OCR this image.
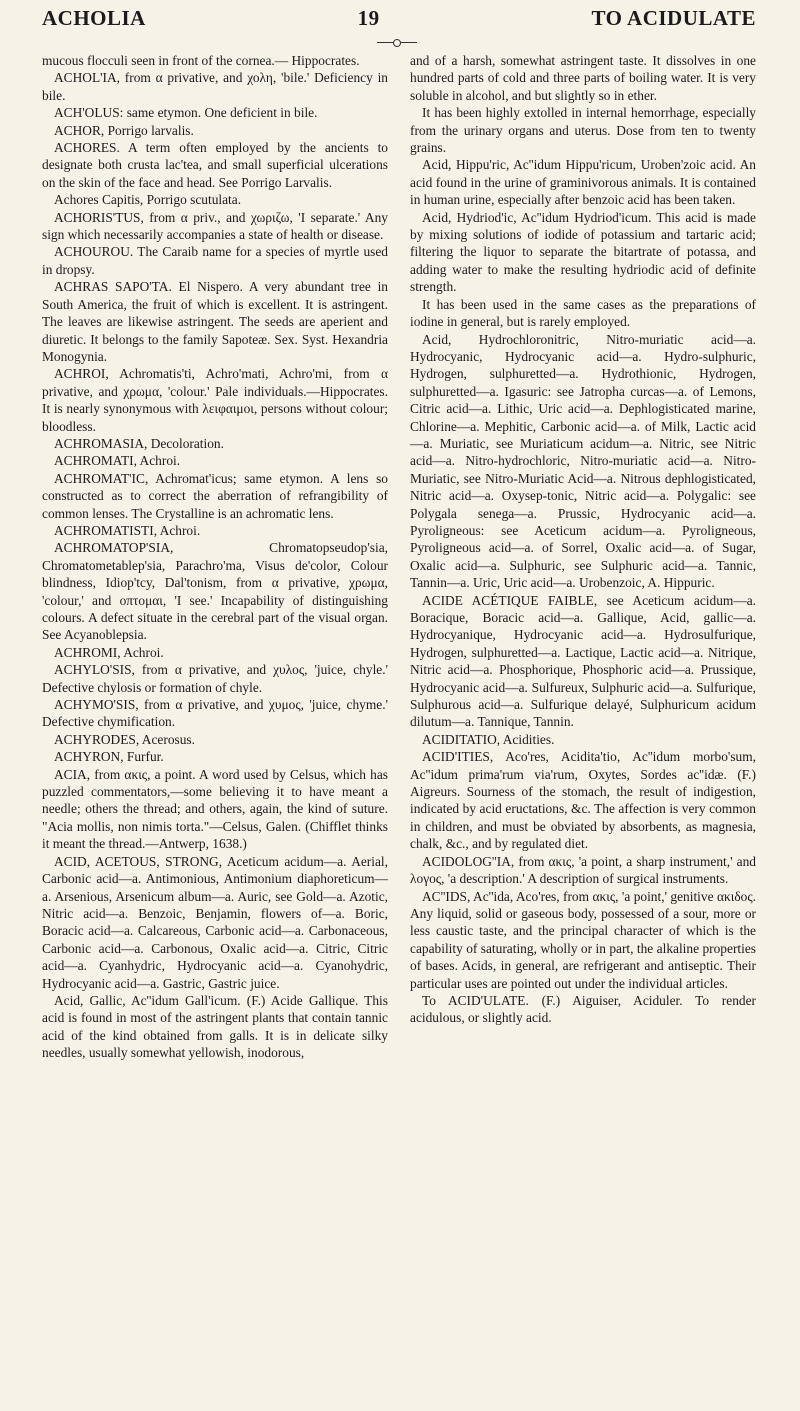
ACHOLIA	19	TO ACIDULATE

mucous flocculi seen in front of the cornea.— Hippocrates.

ACHOL'IA, from α privative, and χολη, 'bile.' Deficiency in bile.

ACH'OLUS: same etymon. One deficient in bile.

ACHOR, Porrigo larvalis.

ACHORES. A term often employed by the ancients to designate both crusta lac'tea, and small superficial ulcerations on the skin of the face and head. See Porrigo Larvalis.

Achores Capitis, Porrigo scutulata.

ACHORIS'TUS, from α priv., and χωριζω, 'I separate.' Any sign which necessarily accompanies a state of health or disease.

ACHOUROU. The Caraib name for a species of myrtle used in dropsy.

ACHRAS SAPO'TA. El Nispero. A very abundant tree in South America, the fruit of which is excellent. It is astringent. The leaves are likewise astringent. The seeds are aperient and diuretic. It belongs to the family Sapoteæ. Sex. Syst. Hexandria Monogynia.

ACHROI, Achromatis'ti, Achro'mati, Achro'mi, from α privative, and χρωμα, 'colour.' Pale individuals.—Hippocrates. It is nearly synonymous with λειφαιμοι, persons without colour; bloodless.

ACHROMASIA, Decoloration.

ACHROMATI, Achroi.

ACHROMAT'IC, Achromat'icus; same etymon. A lens so constructed as to correct the aberration of refrangibility of common lenses. The Crystalline is an achromatic lens.

ACHROMATISTI, Achroi.

ACHROMATOP'SIA, Chromatopseudop'sia, Chromatometablep'sia, Parachro'ma, Visus de'color, Colour blindness, Idiop'tcy, Dal'tonism, from α privative, χρωμα, 'colour,' and οπτομαι, 'I see.' Incapability of distinguishing colours. A defect situate in the cerebral part of the visual organ. See Acyanoblepsia.

ACHROMI, Achroi.

ACHYLO'SIS, from α privative, and χυλος, 'juice, chyle.' Defective chylosis or formation of chyle.

ACHYMO'SIS, from α privative, and χυμος, 'juice, chyme.' Defective chymification.

ACHYRODES, Acerosus.

ACHYRON, Furfur.

ACIA, from ακις, a point. A word used by Celsus, which has puzzled commentators,—some believing it to have meant a needle; others the thread; and others, again, the kind of suture. "Acia mollis, non nimis torta."—Celsus, Galen. (Chifflet thinks it meant the thread.—Antwerp, 1638.)

ACID, ACETOUS, STRONG, Aceticum acidum—a. Aerial, Carbonic acid—a. Antimonious, Antimonium diaphoreticum—a. Arsenious, Arsenicum album—a. Auric, see Gold—a. Azotic, Nitric acid—a. Benzoic, Benjamin, flowers of—a. Boric, Boracic acid—a. Calcareous, Carbonic acid—a. Carbonaceous, Carbonic acid—a. Carbonous, Oxalic acid—a. Citric, Citric acid—a. Cyanhydric, Hydrocyanic acid—a. Cyanohydric, Hydrocyanic acid—a. Gastric, Gastric juice.

Acid, Gallic, Ac''idum Gall'icum. (F.) Acide Gallique. This acid is found in most of the astringent plants that contain tannic acid of the kind obtained from galls. It is in delicate silky needles, usually somewhat yellowish, inodorous,

and of a harsh, somewhat astringent taste. It dissolves in one hundred parts of cold and three parts of boiling water. It is very soluble in alcohol, and but slightly so in ether.

It has been highly extolled in internal hemorrhage, especially from the urinary organs and uterus. Dose from ten to twenty grains.

Acid, Hippu'ric, Ac''idum Hippu'ricum, Uroben'zoic acid. An acid found in the urine of graminivorous animals. It is contained in human urine, especially after benzoic acid has been taken.

Acid, Hydriod'ic, Ac''idum Hydriod'icum. This acid is made by mixing solutions of iodide of potassium and tartaric acid; filtering the liquor to separate the bitartrate of potassa, and adding water to make the resulting hydriodic acid of definite strength.

It has been used in the same cases as the preparations of iodine in general, but is rarely employed.

Acid, Hydrochloronitric, Nitro-muriatic acid—a. Hydrocyanic, Hydrocyanic acid—a. Hydro-sulphuric, Hydrogen, sulphuretted—a. Hydrothionic, Hydrogen, sulphuretted—a. Igasuric: see Jatropha curcas—a. of Lemons, Citric acid—a. Lithic, Uric acid—a. Dephlogisticated marine, Chlorine—a. Mephitic, Carbonic acid—a. of Milk, Lactic acid—a. Muriatic, see Muriaticum acidum—a. Nitric, see Nitric acid—a. Nitro-hydrochloric, Nitro-muriatic acid—a. Nitro-Muriatic, see Nitro-Muriatic Acid—a. Nitrous dephlogisticated, Nitric acid—a. Oxysep-tonic, Nitric acid—a. Polygalic: see Polygala senega—a. Prussic, Hydrocyanic acid—a. Pyroligneous: see Aceticum acidum—a. Pyroligneous, Pyroligneous acid—a. of Sorrel, Oxalic acid—a. of Sugar, Oxalic acid—a. Sulphuric, see Sulphuric acid—a. Tannic, Tannin—a. Uric, Uric acid—a. Urobenzoic, A. Hippuric.

ACIDE ACÉTIQUE FAIBLE, see Aceticum acidum—a. Boracique, Boracic acid—a. Gallique, Acid, gallic—a. Hydrocyanique, Hydrocyanic acid—a. Hydrosulfurique, Hydrogen, sulphuretted—a. Lactique, Lactic acid—a. Nitrique, Nitric acid—a. Phosphorique, Phosphoric acid—a. Prussique, Hydrocyanic acid—a. Sulfureux, Sulphuric acid—a. Sulfurique, Sulphurous acid—a. Sulfurique delayé, Sulphuricum acidum dilutum—a. Tannique, Tannin.

ACIDITATIO, Acidities.

ACID'ITIES, Aco'res, Acidita'tio, Ac''idum morbo'sum, Ac''idum prima'rum via'rum, Oxytes, Sordes ac''idæ. (F.) Aigreurs. Sourness of the stomach, the result of indigestion, indicated by acid eructations, &c. The affection is very common in children, and must be obviated by absorbents, as magnesia, chalk, &c., and by regulated diet.

ACIDOLOG''IA, from ακις, 'a point, a sharp instrument,' and λογος, 'a description.' A description of surgical instruments.

AC''IDS, Ac''ida, Aco'res, from ακις, 'a point,' genitive ακιδος. Any liquid, solid or gaseous body, possessed of a sour, more or less caustic taste, and the principal character of which is the capability of saturating, wholly or in part, the alkaline properties of bases. Acids, in general, are refrigerant and antiseptic. Their particular uses are pointed out under the individual articles.

To ACID'ULATE. (F.) Aiguiser, Aciduler. To render acidulous, or slightly acid.
